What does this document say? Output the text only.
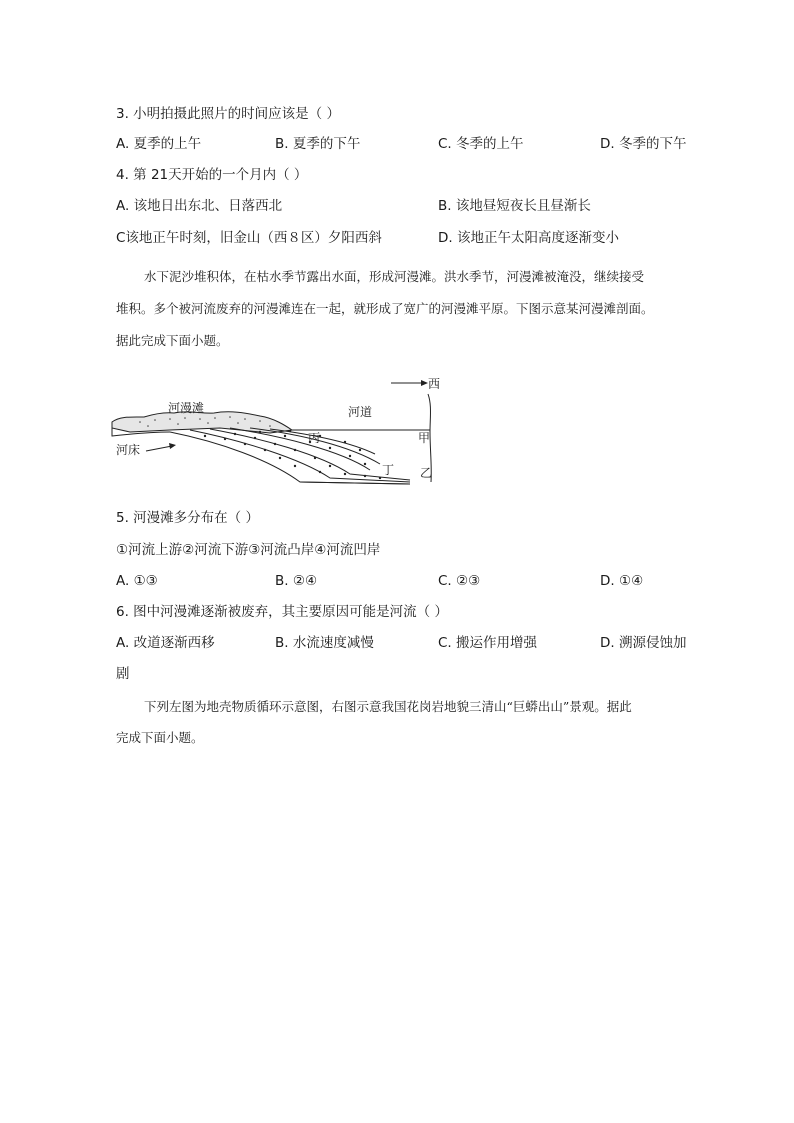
3. 小明拍摄此照片的时间应该是（ ）
A. 夏季的上午	B. 夏季的下午	C. 冬季的上午	D. 冬季的下午
4. 第 21天开始的一个月内（ ）
A. 该地日出东北、日落西北	B. 该地昼短夜长且昼渐长
C该地正午时刻，旧金山（西８区）夕阳西斜	D. 该地正午太阳高度逐渐变小
水下泥沙堆积体，在枯水季节露出水面，形成河漫滩。洪水季节，河漫滩被淹没，继续接受
堆积。多个被河流废弃的河漫滩连在一起，就形成了宽广的河漫滩平原。下图示意某河漫滩剖面。
据此完成下面小题。
西
河漫滩	河道
河床
丙	甲
丁 乙
5. 河漫滩多分布在（ ）
①河流上游②河流下游③河流凸岸④河流凹岸
A. ①③	B. ②④	C. ②③	D. ①④
6. 图中河漫滩逐渐被废弃，其主要原因可能是河流（ ）
A. 改道逐渐西移	B. 水流速度减慢	C. 搬运作用增强	D. 溯源侵蚀加
剧
下列左图为地壳物质循环示意图，右图示意我国花岗岩地貌三清山“巨蟒出山”景观。据此
完成下面小题。
